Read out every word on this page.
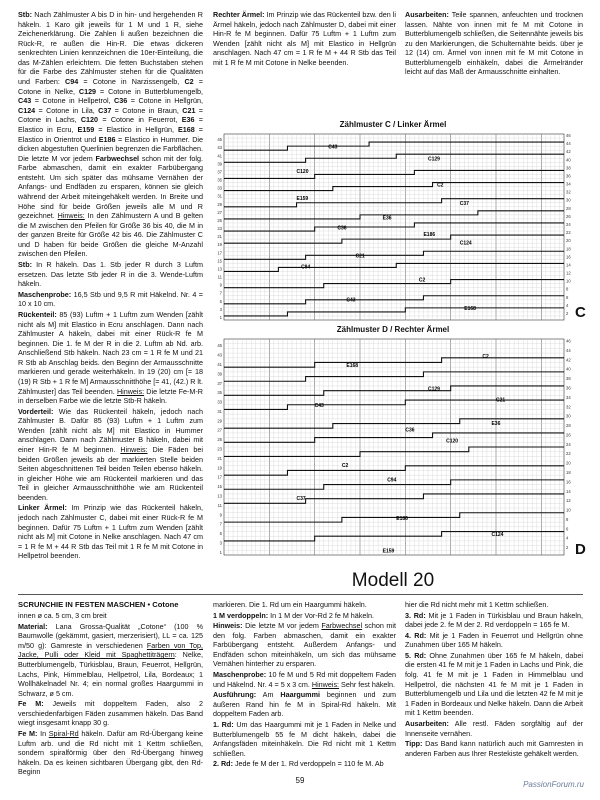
Stb: Nach Zählmuster A bis D in hin- und hergehenden R häkeln. 1 Karo gilt jeweils für 1 M und 1 R, siehe Zeichenerklärung. Die Zahlen li außen bezeichnen die Rück-R, re außen die Hin-R. Die etwas dickeren senkrechten Linien kennzeichnen die 10er-Einteilung, die das M-Zählen erleichtern. Die fetten Buchstaben stehen für die Farbe des Zählmuster stehen für die Qualitäten und Farben: C94 = Cotone in Narzissengelb, C2 = Cotone in Nelke, C129 = Cotone in Butterblumengelb, C43 = Cotone in Hellpetrol, C36 = Cotone in Hellgrün, C124 = Cotone in Lila, C37 = Cotone in Braun, C21 = Cotone in Lachs, C120 = Cotone in Feuerrot, E36 = Elastico in Ecru, E159 = Elastico in Hellgrün, E168 = Elastico in Orientrot und E186 = Elastico in Hummer. Die dicken abgestuften Querlinien begrenzen die Farbflächen. Die letzte M vor jedem Farbwechsel schon mit der folg. Farbe abmaschen, damit ein exakter Farbübergang entsteht. Um sich später das mühsame Vernähen der Anfangs- und Endfäden zu ersparen, können sie gleich während der Arbeit miteingehäkelt werden. In Breite und Höhe sind für beide Größen jeweils alle M und R gezeichnet. Hinweis: In den Zählmustern A und B gelten die M zwischen den Pfeilen für Größe 36 bis 40, die M in der ganzen Breite für Größe 42 bis 46. Die Zählmuster C und D haben für beide Größen die gleiche M-Anzahl zwischen den Pfeilen.

Stb: In R häkeln. Das 1. Stb jeder R durch 3 Luftm ersetzen. Das letzte Stb jeder R in die 3. Wende-Luftm häkeln.

Maschenprobe: 16,5 Stb und 9,5 R mit Häkelnd. Nr. 4 = 10 x 10 cm.

Rückenteil: 85 (93) Luftm + 1 Luftm zum Wenden [zählt nicht als M] mit Elastico in Ecru anschlagen. Dann nach Zählmuster A häkeln, dabei mit einer Rück-R fe M beginnen. Die 1. fe M der R in die 2. Luftm ab Nd. arb. Anschließend Stb häkeln. Nach 23 cm = 1 R fe M und 21 R Stb ab Anschlag beids. den Beginn der Armausschnitte markieren und gerade weiterhäkeln. In 19 (20) cm [= 18 (19) R Stb + 1 R fe M] Armausschnitthöhe [= 41, (42.) R lt. Zählmuster] das Teil beenden. Hinweis: Die letzte Fe-M-R in derselben Farbe wie die letzte Stb-R häkeln.

Vorderteil: Wie das Rückenteil häkeln, jedoch nach Zählmuster B. Dafür 85 (93) Luftm + 1 Luftm zum Wenden [zählt nicht als M] mit Elastico in Hummer anschlagen. Dann nach Zählmuster B häkeln, dabei mit einer Hin-R fe M beginnen. Hinweis: Die Fäden bei beiden Größen jeweils ab der markierten Stelle beiden Seiten abgeschnittenen Teil beiden Teilen ebenso häkeln. in gleicher Höhe wie am Rückenteil markieren und das Teil in gleicher Armausschnitthöhe wie am Rückenteil beenden.

Linker Ärmel: Im Prinzip wie das Rückenteil häkeln, jedoch nach Zählmuster C, dabei mit einer Rück-R fe M beginnen. Dafür 75 Luftm + 1 Luftm zum Wenden [zählt nicht als M] mit Cotone in Nelke anschlagen. Nach 47 cm = 1 R fe M + 44 R Stb das Teil mit 1 R fe M mit Cotone in Hellpetrol beenden.

Rechter Ärmel: Im Prinzip wie das Rückenteil bzw. den li Ärmel häkeln, jedoch nach Zählmuster D, dabei mit einer Hin-R fe M beginnen. Dafür 75 Luftm + 1 Luftm zum Wenden [zählt nicht als M] mit Elastico in Hellgrün anschlagen. Nach 47 cm = 1 R fe M + 44 R Stb das Teil mit 1 R fe M mit Cotone in Nelke beenden.

Ausarbeiten: Teile spannen, anfeuchten und trocknen lassen. Nähte von innen mit fe M mit Cotone in Butterblumengelb schließen, die Seitennähte jeweils bis zu den Markierungen, die Schulternähte beids. über je 12 (14) cm. Ärmel von innen mit fe M mit Cotone in Butterblumengelb einhäkeln, dabei die Ärmelränder leicht auf das Maß der Armausschnitte einhalten.

Zählmuster C / Linker Ärmel
45
43
41
39
37
35
33
31
29
27
25
23
21
19
17
15
13
11
9
7
5
3
1
46
44
42
40
38
36
34
32
30
28
26
24
22
20
18
16
14
12
10
8
6
4
2
C43
C129
C120
C2
E159
C37
E36
C36
E186
C124
C21
C94
C2
C43
E168	C
Zählmuster D / Rechter Ärmel
45
43
41
39
37
35
33
31
29
27
25
23
21
19
17
15
13
11
9
7
5
3
1
46
44
42
40
38
36
34
32
30
28
26
24
22
20
18
16
14
12
10
8
6
4
2
C2
E168
C129
C21
C43
E36
C36
C120
C2
C94
C37
E186
C124
E159	D
Modell 20

SCRUNCHIE IN FESTEN MASCHEN • Cotone

innen ø ca. 5 cm, 3 cm breit

Material: Lana Grossa-Qualität „Cotone“ (100 % Baumwolle (gekämmt, gasiert, merzerisiert), LL = ca. 125 m/50 g): Gamreste in verschiedenen Farben von Top, Jacke, Pulli oder Kleid mit Spaghettiträgern: Nelke, Butterblumengelb, Türkisblau, Braun, Feuerrot, Hellgrün, Lachs, Pink, Himmelblau, Hellpetrol, Lila, Bordeaux; 1 Wollhäkelnadel Nr. 4; ein normal großes Haargummi in Schwarz, ø 5 cm.

Fe M: Jeweils mit doppeltem Faden, also 2 verschiedenfarbigen Fäden zusammen häkeln. Das Band wiegt insgesamt knapp 30 g.

Fe M: In Spiral-Rd häkeln. Dafür am Rd-Übergang keine Luftm arb. und die Rd nicht mit 1 Kettm schließen, sondern spiralförmig über den Rd-Übergang hinweg häkeln. Da es keinen sichtbaren Übergang gibt, den Rd-Beginn

markieren. Die 1. Rd um ein Haargummi häkeln.

1 M verdoppeln: In 1 M der Vor-Rd 2 fe M häkeln.

Hinweis: Die letzte M vor jedem Farbwechsel schon mit den folg. Farben abmaschen, damit ein exakter Farbübergang entsteht. Außerdem Anfangs- und Endfäden schon miteinhäkeln, um sich das mühsame Vernähen hinterher zu ersparen.

Maschenprobe: 10 fe M und 5 Rd mit doppeltem Faden und Häkelnd. Nr. 4 = 5 x 3 cm. Hinweis: Sehr fest häkeln.

Ausführung: Am Haargummi beginnen und zum äußeren Rand hin fe M in Spiral-Rd häkeln. Mit doppeltem Faden arb.

1. Rd: Um das Haargummi mit je 1 Faden in Nelke und Butterblumengelb 55 fe M dicht häkeln, dabei die Anfangsfäden miteinhäkeln. Die Rd nicht mit 1 Kettm schließen.

2. Rd: Jede fe M der 1. Rd verdoppeln = 110 fe M. Ab

hier die Rd nicht mehr mit 1 Kettm schließen.

3. Rd: Mit je 1 Faden in Türkisblau und Braun häkeln, dabei jede 2. fe M der 2. Rd verdoppeln = 165 fe M.

4. Rd: Mit je 1 Faden in Feuerrot und Hellgrün ohne Zunahmen über 165 M häkeln.

5. Rd: Ohne Zunahmen über 165 fe M häkeln, dabei die ersten 41 fe M mit je 1 Faden in Lachs und Pink, die folg. 41 fe M mit je 1 Faden in Himmelblau und Hellpetrol, die nächsten 41 fe M mit je 1 Faden in Butterblumengelb und Lila und die letzten 42 fe M mit je 1 Faden in Bordeaux und Nelke häkeln. Dann die Arbeit mit 1 Kettm beenden.

Ausarbeiten: Alle restl. Fäden sorgfältig auf der Innenseite vernähen.

Tipp: Das Band kann natürlich auch mit Garnresten in anderen Farben aus Ihrer Restekiste gehäkelt werden.

59	PassionForum.ru
